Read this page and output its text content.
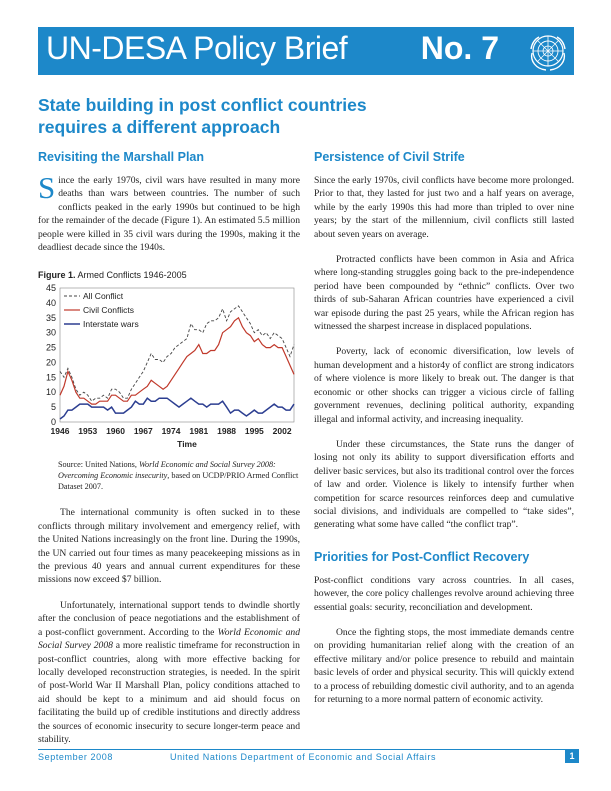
UN-DESA Policy Brief No. 7
State building in post conflict countries
requires a different approach
Revisiting the Marshall Plan

Since the early 1970s, civil wars have resulted in many more deaths than wars between countries. The number of such conflicts peaked in the early 1990s but continued to be high for the remainder of the decade (Figure 1). An estimated 5.5 million people were killed in 35 civil wars during the 1990s, making it the deadliest decade since the 1940s.

Figure 1. Armed Conflicts 1946-2005
0
5
10
15
20
25
30
35
40
45
1946 1953 1960 1967 1974 1981 1988 1995 2002
Time
All Conflict
Civil Conflicts
Interstate wars
Source: United Nations, World Economic and Social Survey 2008: Overcoming Economic insecurity, based on UCDP/PRIO Armed Conflict Dataset 2007.

The international community is often sucked in to these conflicts through military involvement and emergency relief, with the United Nations increasingly on the front line. During the 1990s, the UN carried out four times as many peacekeeping missions as in the previous 40 years and annual current expenditures for these missions now exceed $7 billion.

Unfortunately, international support tends to dwindle shortly after the conclusion of peace negotiations and the establishment of a post-conflict government. According to the World Economic and Social Survey 2008 a more realistic timeframe for reconstruction in post-conflict countries, along with more effective backing for locally developed reconstruction strategies, is needed. In the spirit of post-World War II Marshall Plan, policy conditions attached to aid should be kept to a minimum and aid should focus on facilitating the build up of credible institutions and directly address the sources of economic insecurity to secure longer-term peace and stability.

Persistence of Civil Strife

Since the early 1970s, civil conflicts have become more prolonged. Prior to that, they lasted for just two and a half years on average, while by the early 1990s this had more than tripled to over nine years; by the start of the millennium, civil conflicts still lasted about seven years on average.

Protracted conflicts have been common in Asia and Africa where long-standing struggles going back to the pre-independence period have been compounded by “ethnic” conflicts. Over two thirds of sub-Saharan African countries have experienced a civil war episode during the past 25 years, while the African region has witnessed the sharpest increase in displaced populations.

Poverty, lack of economic diversification, low levels of human development and a histor4y of conflict are strong indicators of where violence is more likely to break out. The danger is that economic or other shocks can trigger a vicious circle of falling government revenues, declining political authority, expanding illegal and informal activity, and increasing inequality.

Under these circumstances, the State runs the danger of losing not only its ability to support diversification efforts and deliver basic services, but also its traditional control over the forces of law and order. Violence is likely to intensify further when competition for scarce resources reinforces deep and cumulative social divisions, and individuals are compelled to “take sides”, generating what some have called “the conflict trap”.

Priorities for Post-Conflict Recovery

Post-conflict conditions vary across countries. In all cases, however, the core policy challenges revolve around achieving three essential goals: security, reconciliation and development.

Once the fighting stops, the most immediate demands centre on providing humanitarian relief along with the creation of an effective military and/or police presence to rebuild and maintain basic levels of order and physical security. This will quickly extend to a process of rebuilding domestic civil authority, and to an agenda for returning to a more normal pattern of economic activity.

September 2008	United Nations Department of Economic and Social Affairs	1
